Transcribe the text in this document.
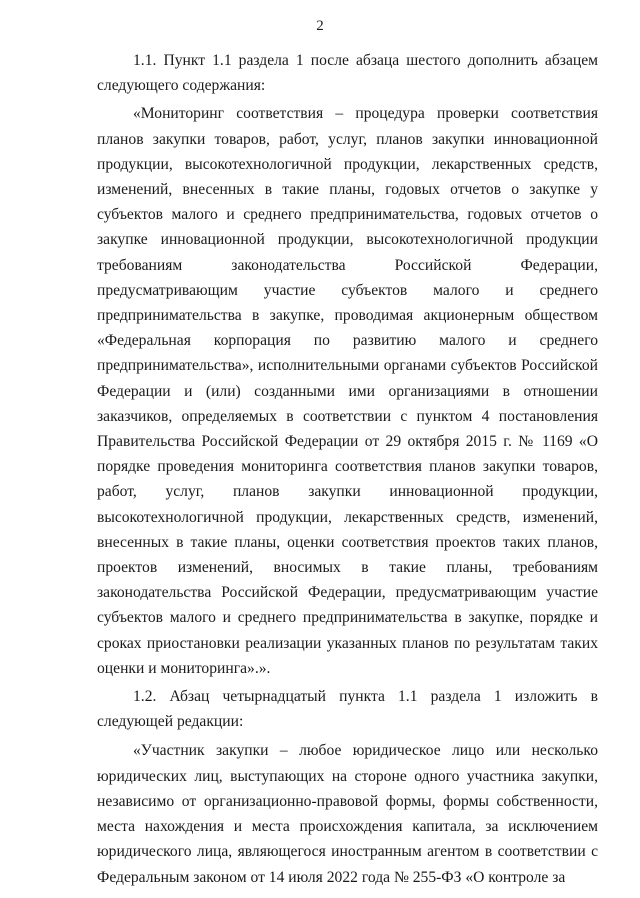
2

1.1. Пункт 1.1 раздела 1 после абзаца шестого дополнить абзацем следующего содержания:

«Мониторинг соответствия – процедура проверки соответствия планов закупки товаров, работ, услуг, планов закупки инновационной продукции, высокотехнологичной продукции, лекарственных средств, изменений, внесенных в такие планы, годовых отчетов о закупке у субъектов малого и среднего предпринимательства, годовых отчетов о закупке инновационной продукции, высокотехнологичной продукции требованиям законодательства Российской Федерации, предусматривающим участие субъектов малого и среднего предпринимательства в закупке, проводимая акционерным обществом «Федеральная корпорация по развитию малого и среднего предпринимательства», исполнительными органами субъектов Российской Федерации и (или) созданными ими организациями в отношении заказчиков, определяемых в соответствии с пунктом 4 постановления Правительства Российской Федерации от 29 октября 2015 г. № 1169 «О порядке проведения мониторинга соответствия планов закупки товаров, работ, услуг, планов закупки инновационной продукции, высокотехнологичной продукции, лекарственных средств, изменений, внесенных в такие планы, оценки соответствия проектов таких планов, проектов изменений, вносимых в такие планы, требованиям законодательства Российской Федерации, предусматривающим участие субъектов малого и среднего предпринимательства в закупке, порядке и сроках приостановки реализации указанных планов по результатам таких оценки и мониторинга».».

1.2. Абзац четырнадцатый пункта 1.1 раздела 1 изложить в следующей редакции:

«Участник закупки – любое юридическое лицо или несколько юридических лиц, выступающих на стороне одного участника закупки, независимо от организационно-правовой формы, формы собственности, места нахождения и места происхождения капитала, за исключением юридического лица, являющегося иностранным агентом в соответствии с Федеральным законом от 14 июля 2022 года № 255-ФЗ «О контроле за
